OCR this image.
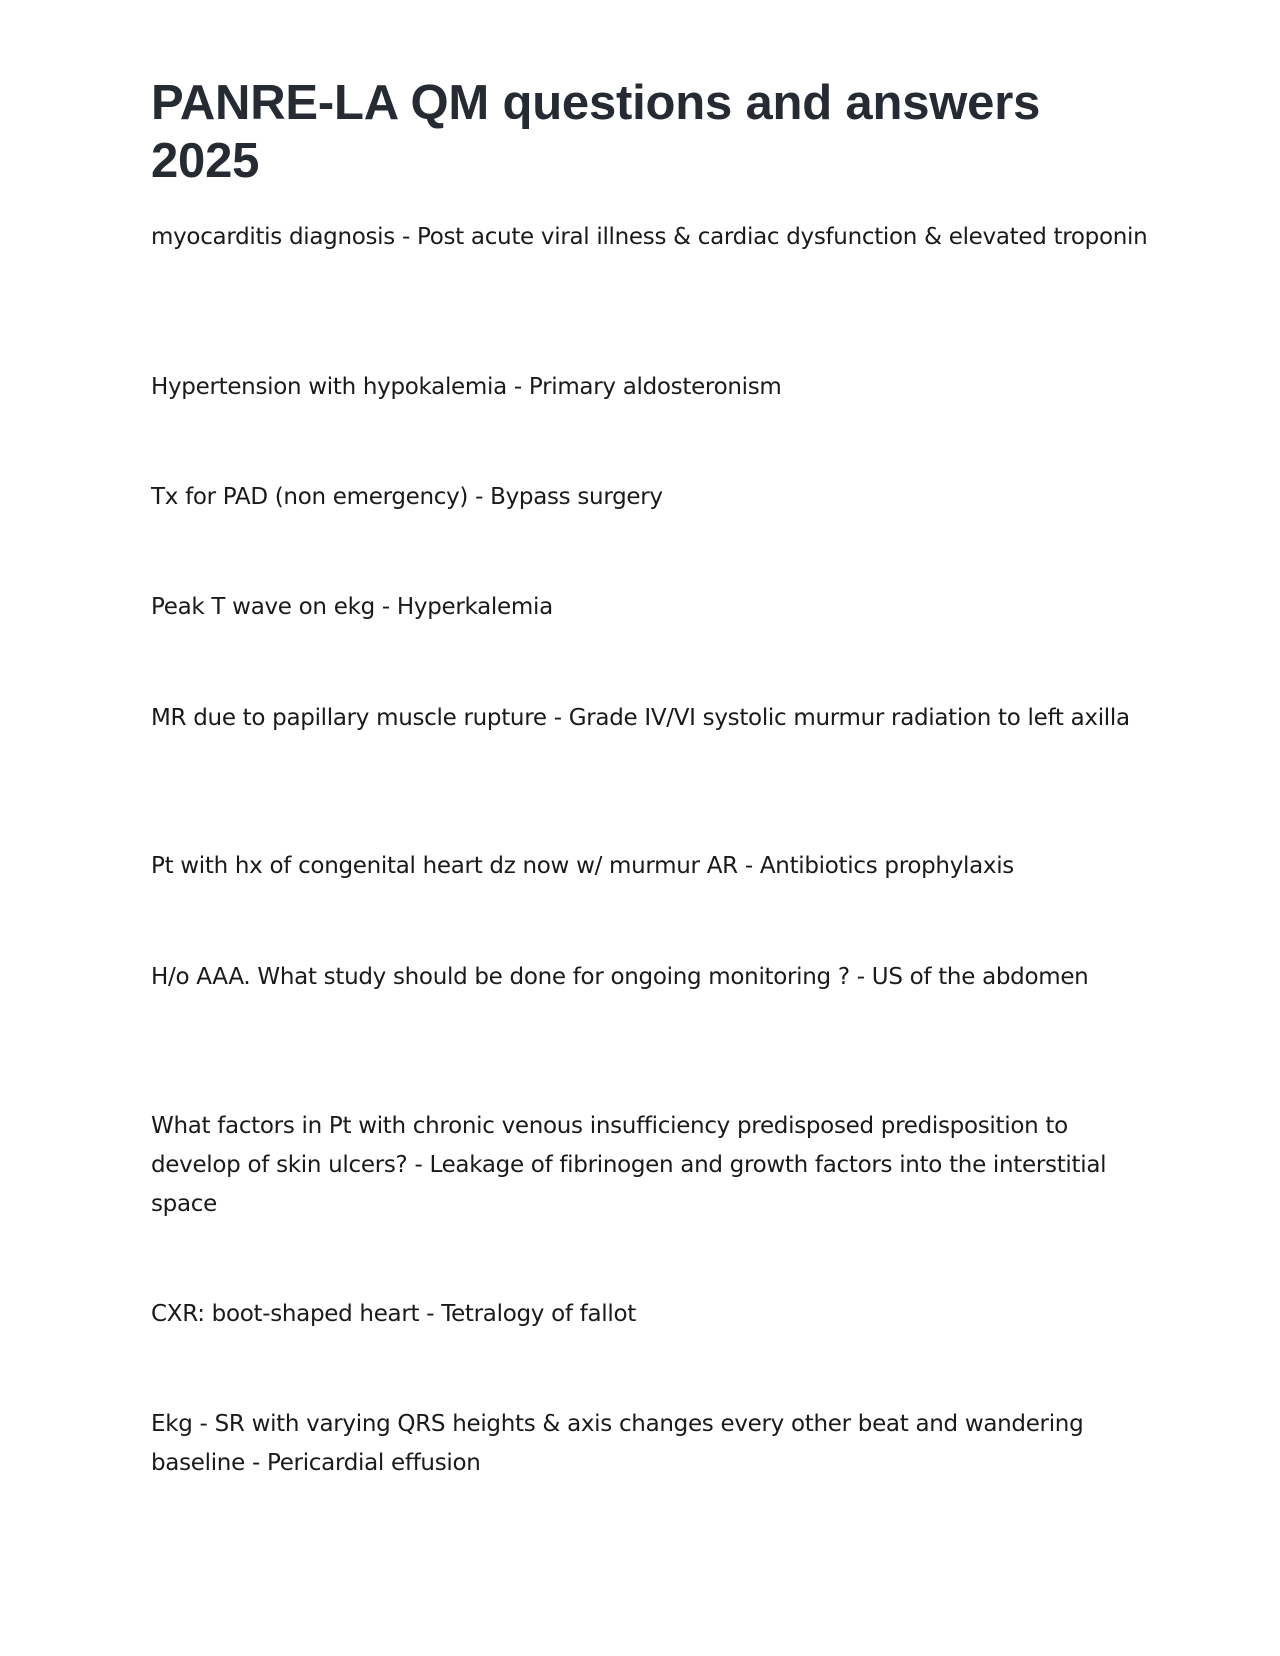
PANRE-LA QM questions and answers 2025

myocarditis diagnosis - Post acute viral illness & cardiac dysfunction & elevated troponin

Hypertension with hypokalemia - Primary aldosteronism

Tx for PAD (non emergency) - Bypass surgery

Peak T wave on ekg - Hyperkalemia

MR due to papillary muscle rupture - Grade IV/VI systolic murmur radiation to left axilla

Pt with hx of congenital heart dz now w/ murmur AR - Antibiotics prophylaxis

H/o AAA. What study should be done for ongoing monitoring ? - US of the abdomen

What factors in Pt with chronic venous insufficiency predisposed predisposition to develop of skin ulcers? - Leakage of fibrinogen and growth factors into the interstitial space

CXR: boot-shaped heart - Tetralogy of fallot

Ekg - SR with varying QRS heights & axis changes every other beat and wandering baseline - Pericardial effusion
